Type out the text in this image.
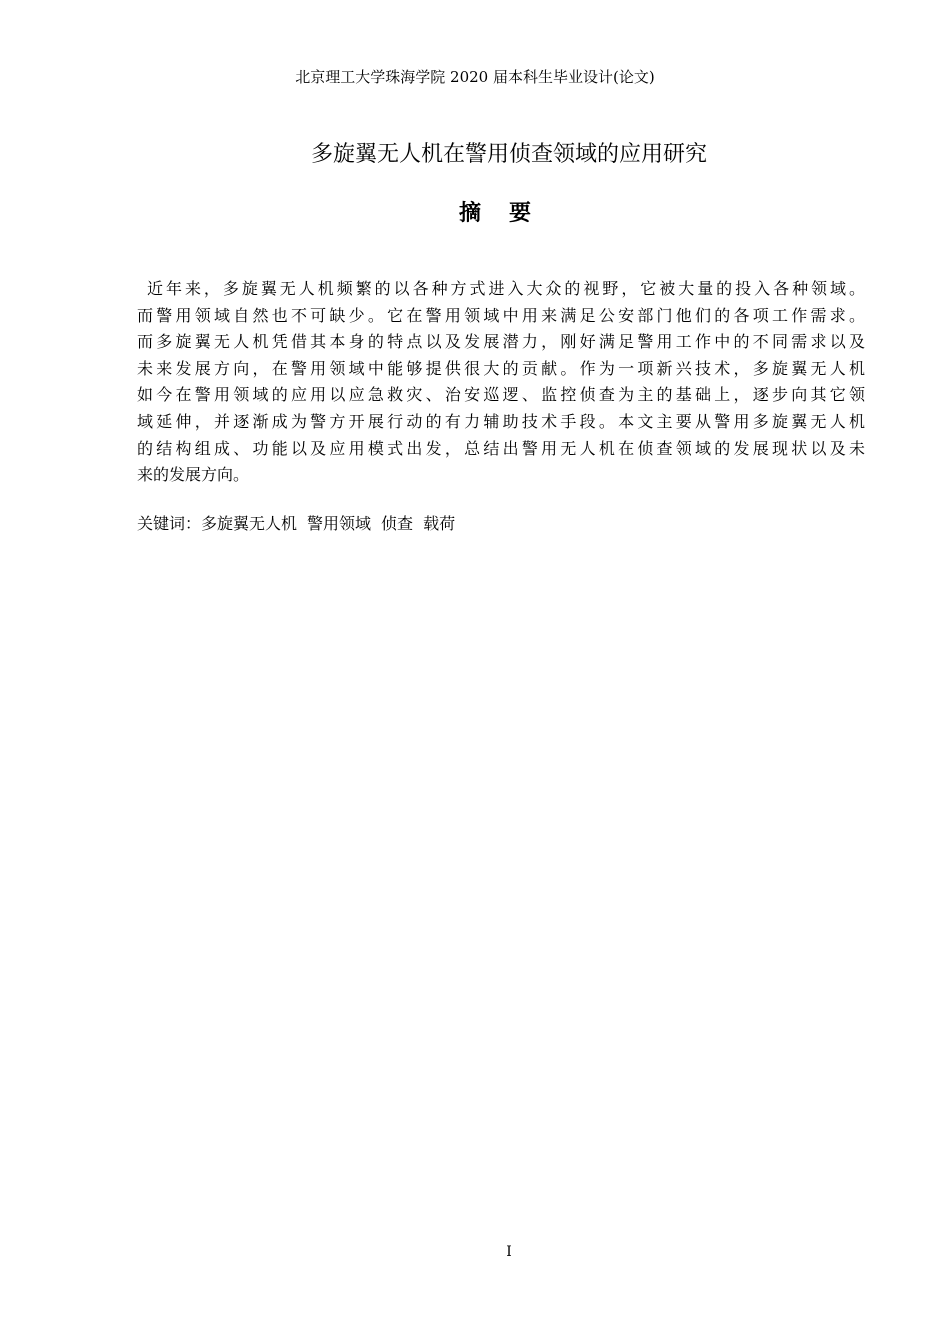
北京理工大学珠海学院 2020 届本科生毕业设计(论文)
多旋翼无人机在警用侦查领域的应用研究
摘要
近年来，多旋翼无人机频繁的以各种方式进入大众的视野，它被大量的投入各种领域。
而警用领域自然也不可缺少。它在警用领域中用来满足公安部门他们的各项工作需求。
而多旋翼无人机凭借其本身的特点以及发展潜力，刚好满足警用工作中的不同需求以及
未来发展方向，在警用领域中能够提供很大的贡献。作为一项新兴技术，多旋翼无人机
如今在警用领域的应用以应急救灾、治安巡逻、监控侦查为主的基础上，逐步向其它领
域延伸，并逐渐成为警方开展行动的有力辅助技术手段。本文主要从警用多旋翼无人机
的结构组成、功能以及应用模式出发，总结出警用无人机在侦查领域的发展现状以及未
来的发展方向。
关键词：多旋翼无人机 警用领域 侦查 载荷
I
